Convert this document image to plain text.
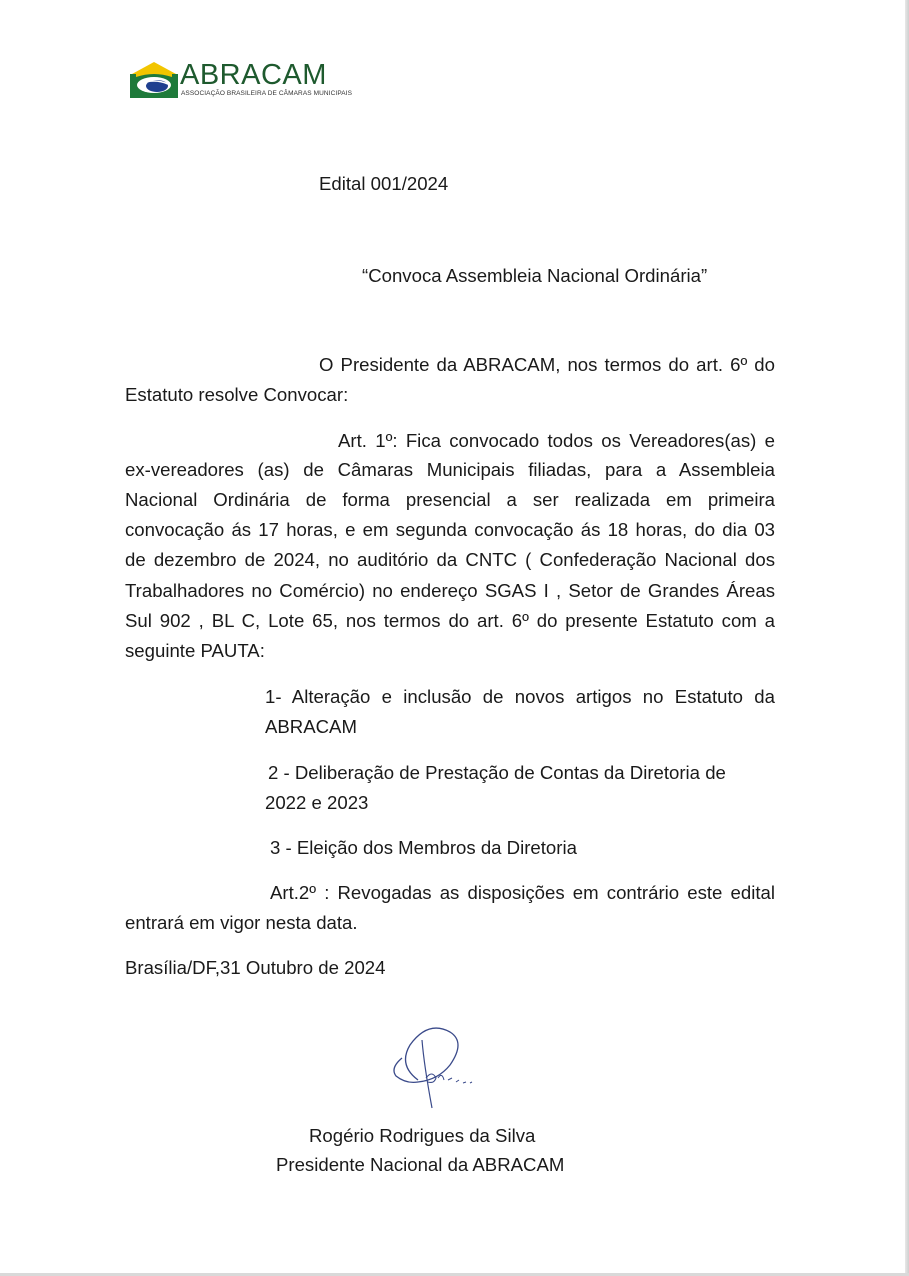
ABRACAM
ASSOCIAÇÃO BRASILEIRA DE CÂMARAS MUNICIPAIS
Edital 001/2024
“Convoca Assembleia Nacional Ordinária”
O Presidente da ABRACAM, nos termos do art. 6º do
Estatuto resolve Convocar:
Art. 1º: Fica convocado todos os Vereadores(as) e
ex-vereadores (as) de Câmaras Municipais filiadas, para a Assembleia
Nacional Ordinária de forma presencial a ser realizada em primeira
convocação ás 17 horas, e em segunda convocação ás 18 horas, do dia 03
de dezembro de 2024, no auditório da CNTC ( Confederação Nacional dos
Trabalhadores no Comércio) no endereço SGAS I , Setor de Grandes Áreas
Sul 902 , BL C, Lote 65, nos termos do art. 6º do presente Estatuto com a
seguinte PAUTA:
1- Alteração e inclusão de novos artigos no Estatuto da
ABRACAM
2 - Deliberação de Prestação de Contas da Diretoria de
2022 e 2023
3 - Eleição dos Membros da Diretoria
Art.2º : Revogadas as disposições em contrário este edital
entrará em vigor nesta data.
Brasília/DF,31 Outubro de 2024
Rogério Rodrigues da Silva
Presidente Nacional da ABRACAM
